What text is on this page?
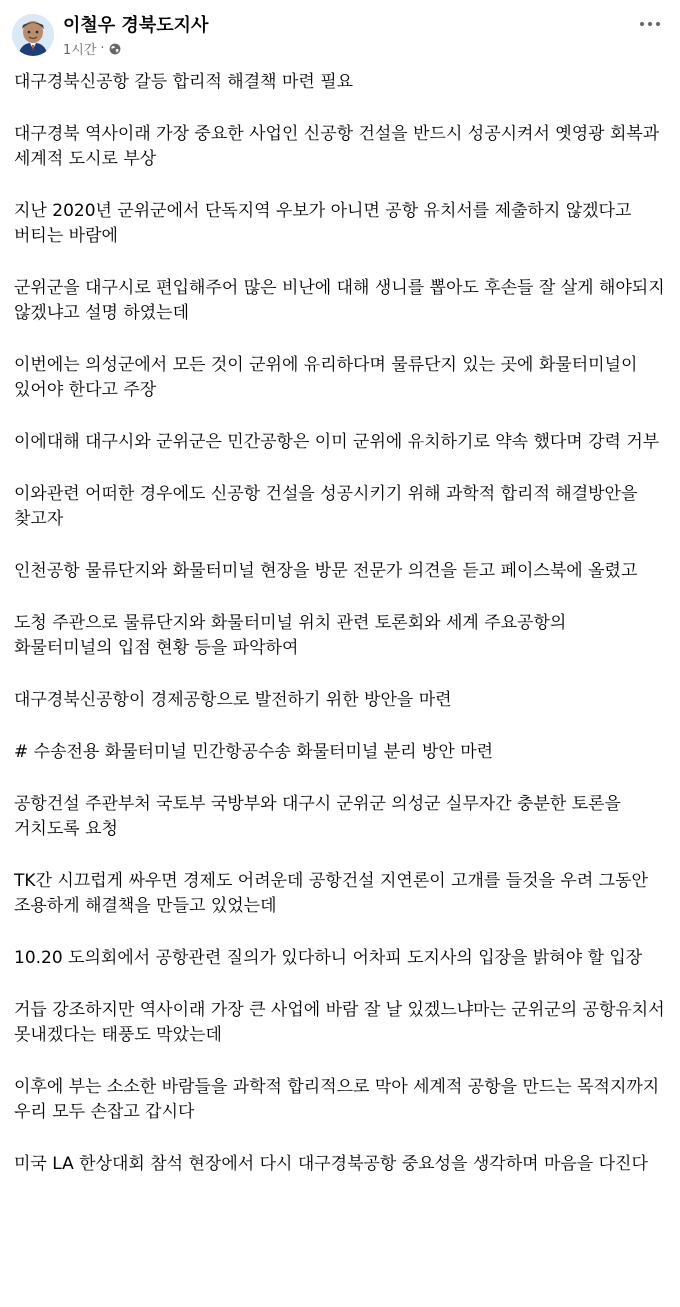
이철우 경북도지사
1시간 ·

대구경북신공항 갈등 합리적 해결책 마련 필요

대구경북 역사이래 가장 중요한 사업인 신공항 건설을 반드시 성공시켜서 옛영광 회복과 세계적 도시로 부상

지난 2020년 군위군에서 단독지역 우보가 아니면 공항 유치서를 제출하지 않겠다고 버티는 바람에

군위군을 대구시로 편입해주어 많은 비난에 대해 생니를 뽑아도 후손들 잘 살게 해야되지 않겠냐고 설명 하였는데

이번에는 의성군에서 모든 것이 군위에 유리하다며 물류단지 있는 곳에 화물터미널이 있어야 한다고 주장

이에대해 대구시와 군위군은 민간공항은 이미 군위에 유치하기로 약속 했다며 강력 거부

이와관련 어떠한 경우에도 신공항 건설을 성공시키기 위해 과학적 합리적 해결방안을 찾고자

인천공항 물류단지와 화물터미널 현장을 방문 전문가 의견을 듣고 페이스북에 올렸고

도청 주관으로 물류단지와 화물터미널 위치 관련 토론회와 세계 주요공항의 화물터미널의 입점 현황 등을 파악하여

대구경북신공항이 경제공항으로 발전하기 위한 방안을 마련

# 수송전용 화물터미널 민간항공수송 화물터미널 분리 방안 마련

공항건설 주관부처 국토부 국방부와 대구시 군위군 의성군 실무자간 충분한 토론을 거치도록 요청

TK간 시끄럽게 싸우면 경제도 어려운데 공항건설 지연론이 고개를 들것을 우려 그동안 조용하게 해결책을 만들고 있었는데

10.20 도의회에서 공항관련 질의가 있다하니 어차피 도지사의 입장을 밝혀야 할 입장

거듭 강조하지만 역사이래 가장 큰 사업에 바람 잘 날 있겠느냐마는 군위군의 공항유치서 못내겠다는 태풍도 막았는데

이후에 부는 소소한 바람들을 과학적 합리적으로 막아 세계적 공항을 만드는 목적지까지 우리 모두 손잡고 갑시다

미국 LA 한상대회 참석 현장에서 다시 대구경북공항 중요성을 생각하며 마음을 다진다
